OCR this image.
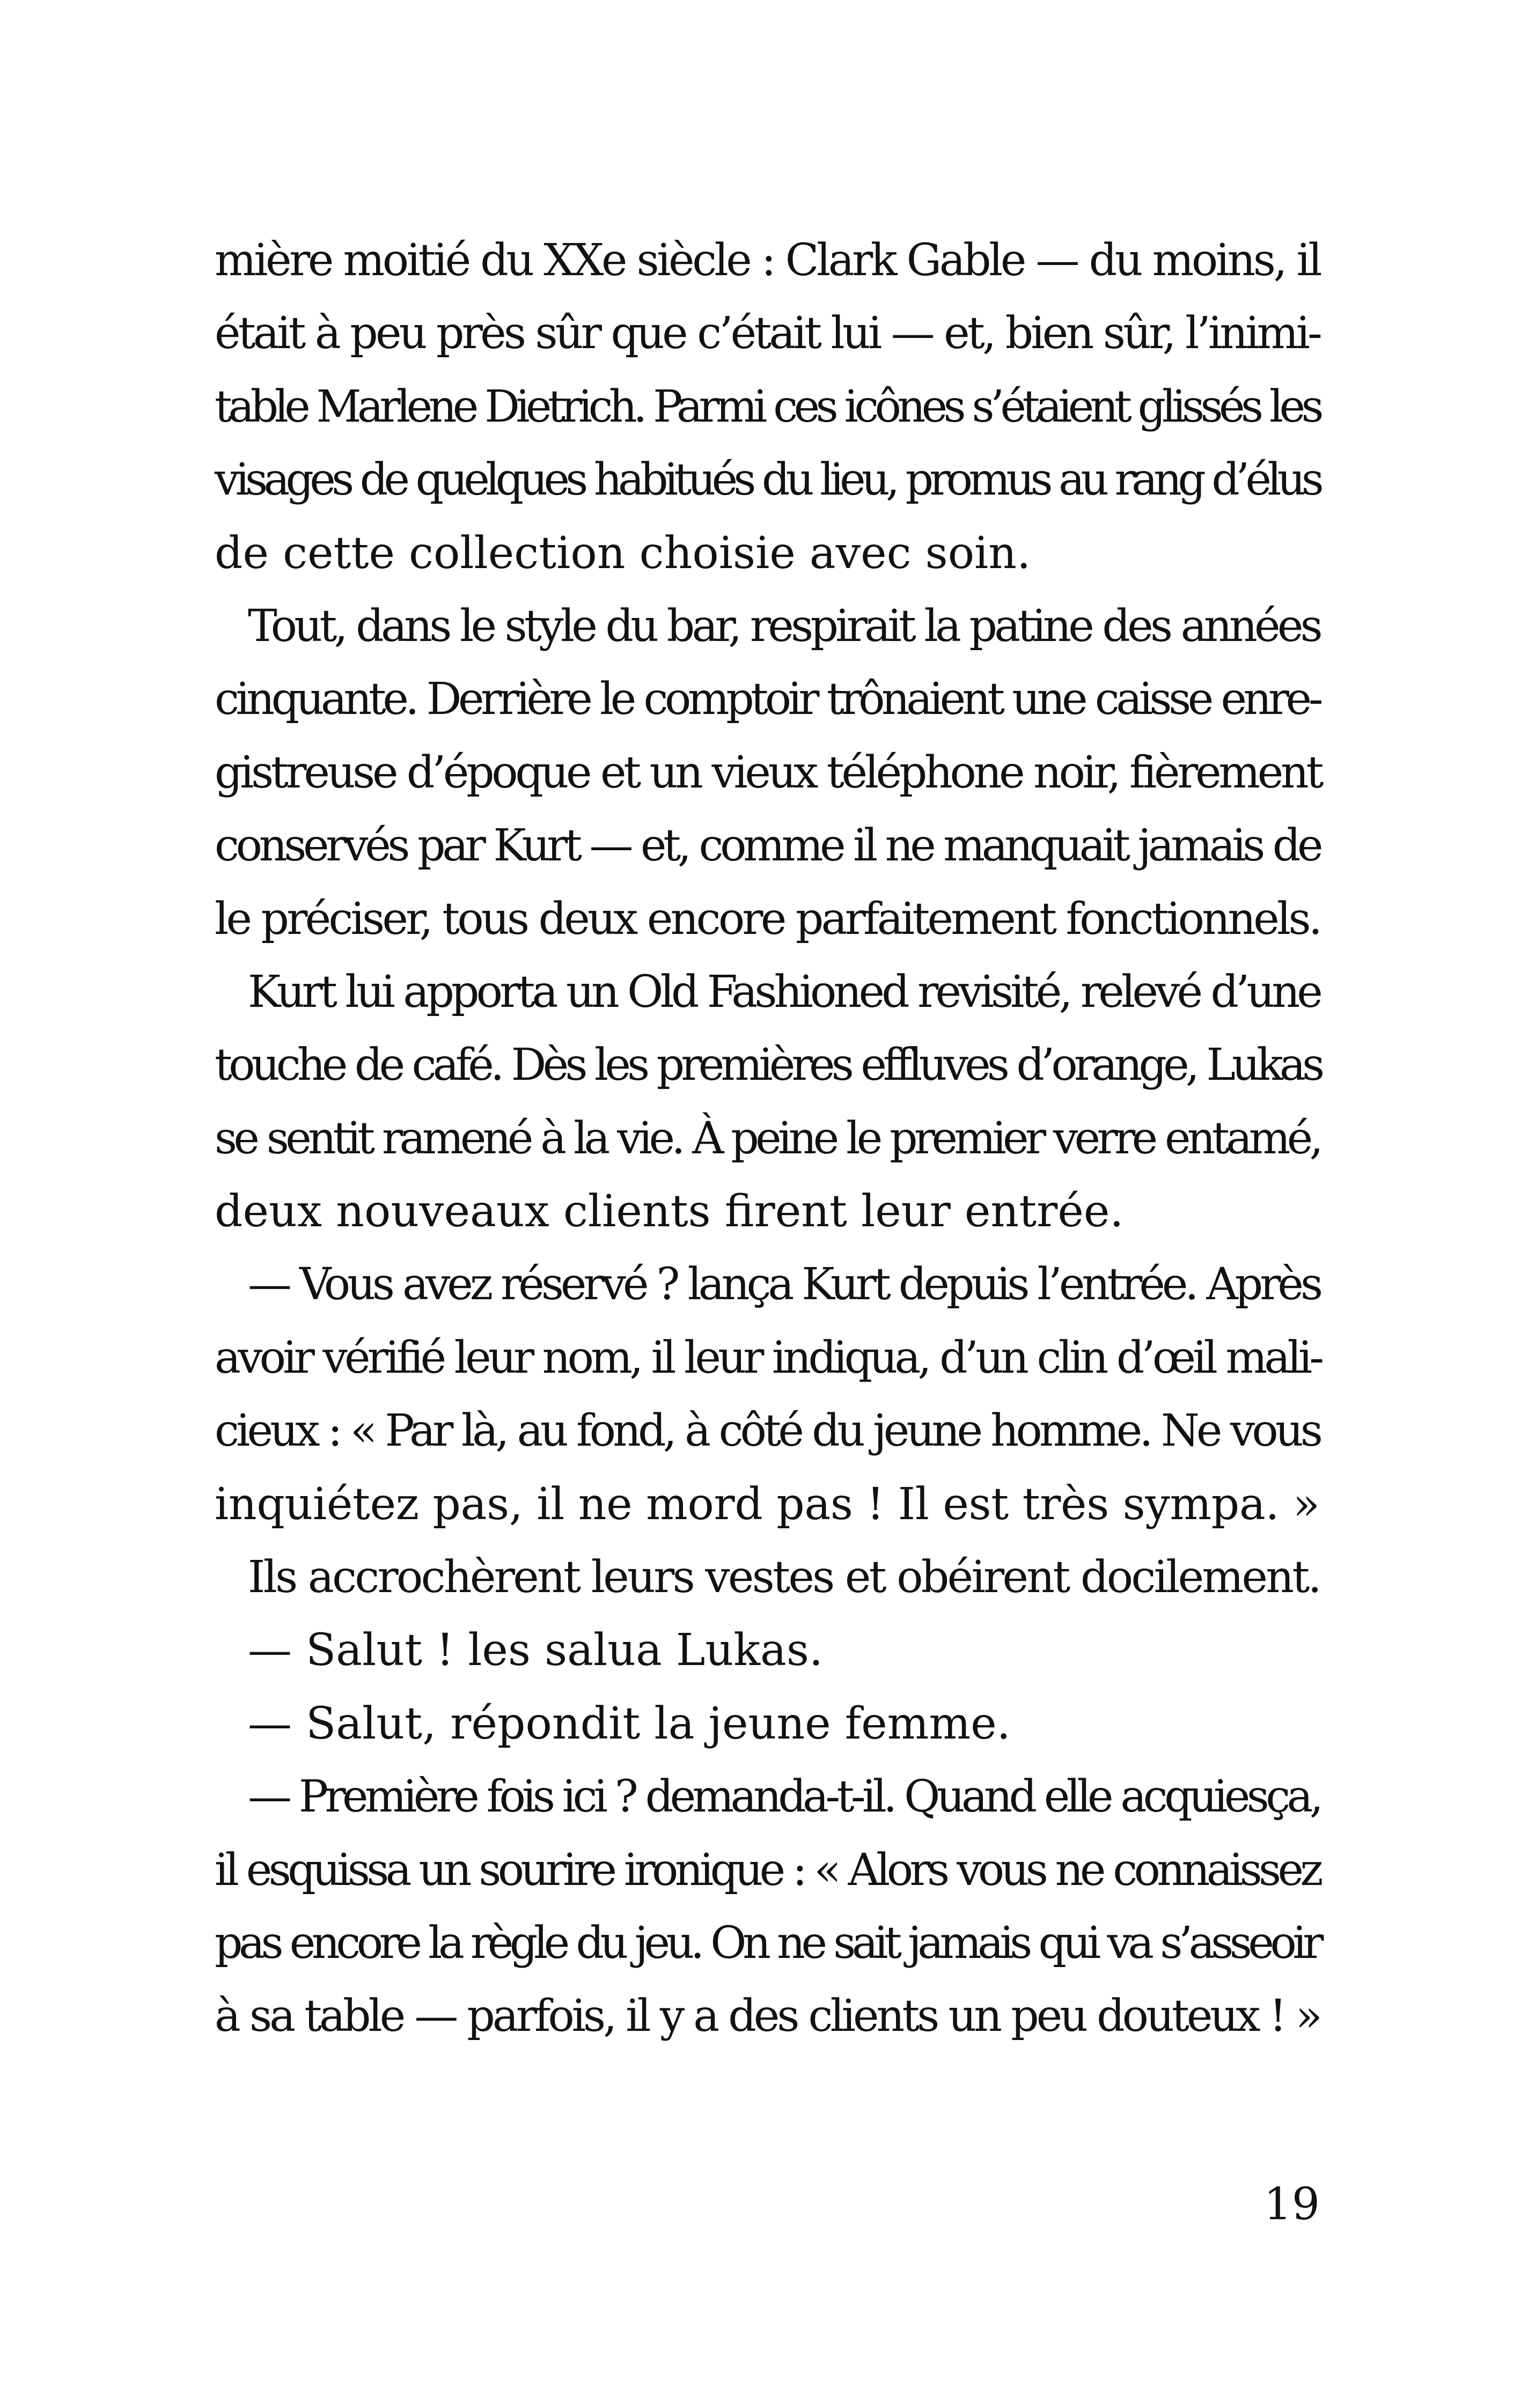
mière moitié du XXe siècle : Clark Gable — du moins, il
était à peu près sûr que c’était lui — et, bien sûr, l’inimi-
table Marlene Dietrich. Parmi ces icônes s’étaient glissés les
visages de quelques habitués du lieu, promus au rang d’élus
de cette collection choisie avec soin.
Tout, dans le style du bar, respirait la patine des années
cinquante. Derrière le comptoir trônaient une caisse enre-
gistreuse d’époque et un vieux téléphone noir, fièrement
conservés par Kurt — et, comme il ne manquait jamais de
le préciser, tous deux encore parfaitement fonctionnels.
Kurt lui apporta un Old Fashioned revisité, relevé d’une
touche de café. Dès les premières effluves d’orange, Lukas
se sentit ramené à la vie. À peine le premier verre entamé,
deux nouveaux clients firent leur entrée.
— Vous avez réservé ? lança Kurt depuis l’entrée. Après
avoir vérifié leur nom, il leur indiqua, d’un clin d’œil mali-
cieux : « Par là, au fond, à côté du jeune homme. Ne vous
inquiétez pas, il ne mord pas ! Il est très sympa. »
Ils accrochèrent leurs vestes et obéirent docilement.
— Salut ! les salua Lukas.
— Salut, répondit la jeune femme.
— Première fois ici ? demanda-t-il. Quand elle acquiesça,
il esquissa un sourire ironique : « Alors vous ne connaissez
pas encore la règle du jeu. On ne sait jamais qui va s’asseoir
à sa table — parfois, il y a des clients un peu douteux ! »
19
